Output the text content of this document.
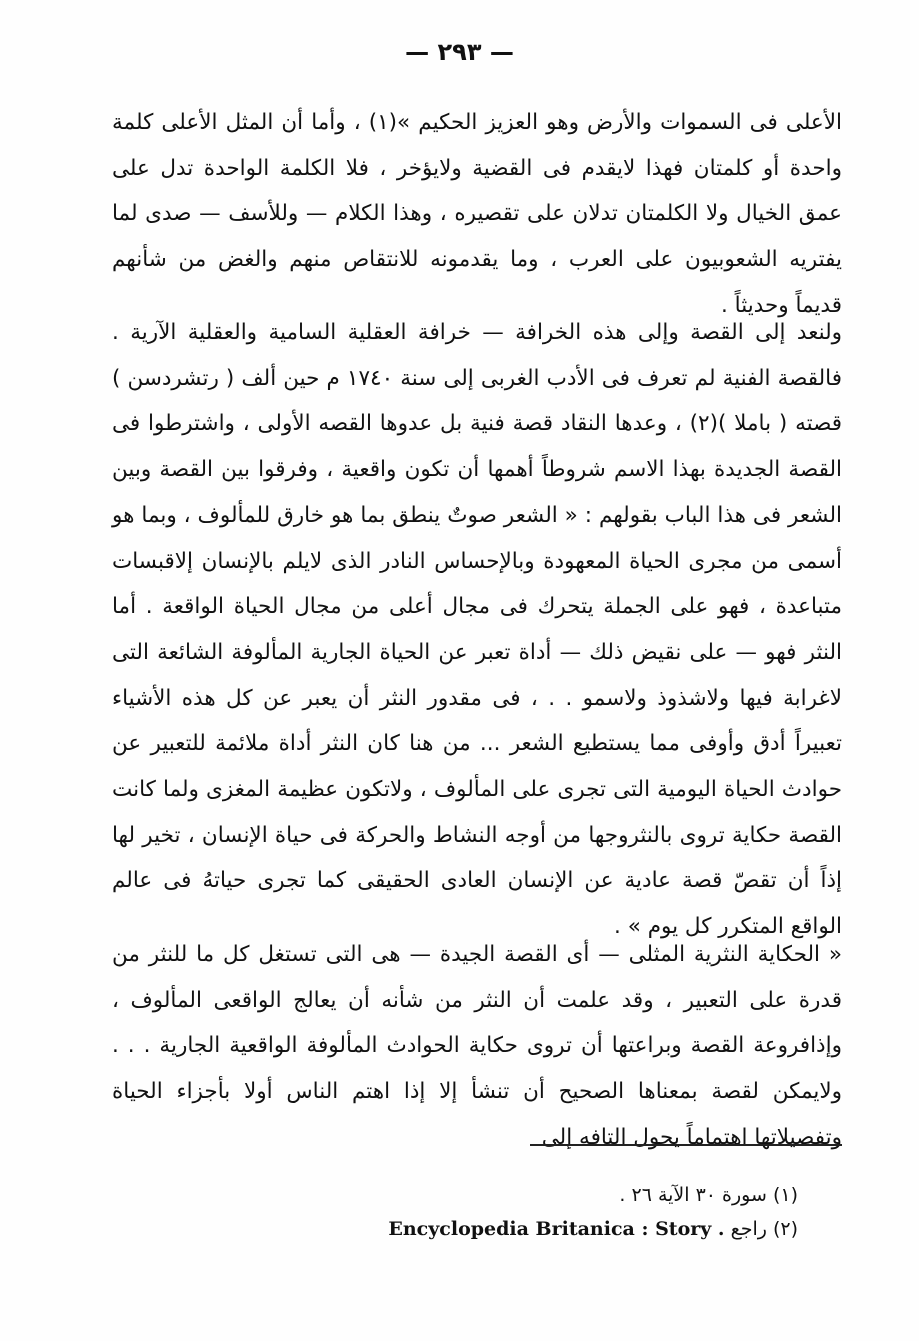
— ٢٩٣ —

الأعلى فى السموات والأرض وهو العزيز الحكيم »(١) ، وأما أن المثل الأعلى كلمة واحدة أو كلمتان فهذا لايقدم فى القضية ولايؤخر ، فلا الكلمة الواحدة تدل على عمق الخيال ولا الكلمتان تدلان على تقصيره ، وهذا الكلام — وللأسف — صدى لما يفتريه الشعوبيون على العرب ، وما يقدمونه للانتقاص منهم والغض من شأنهم قديماً وحديثاً .

ولنعد إلى القصة وإلى هذه الخرافة — خرافة العقلية السامية والعقلية الآرية . فالقصة الفنية لم تعرف فى الأدب الغربى إلى سنة ١٧٤٠ م حين ألف ( رتشردسن ) قصته ( باملا )(٢) ، وعدها النقاد قصة فنية بل عدوها القصه الأولى ، واشترطوا فى القصة الجديدة بهذا الاسم شروطاً أهمها أن تكون واقعية ، وفرقوا بين القصة وبين الشعر فى هذا الباب بقولهم : « الشعر صوتٌ ينطق بما هو خارق للمألوف ، وبما هو أسمى من مجرى الحياة المعهودة وبالإحساس النادر الذى لايلم بالإنسان إلاقبسات متباعدة ، فهو على الجملة يتحرك فى مجال أعلى من مجال الحياة الواقعة . أما النثر فهو — على نقيض ذلك — أداة تعبر عن الحياة الجارية المألوفة الشائعة التى لاغرابة فيها ولاشذوذ ولاسمو . . ، فى مقدور النثر أن يعبر عن كل هذه الأشياء تعبيراً أدق وأوفى مما يستطيع الشعر ... من هنا كان النثر أداة ملائمة للتعبير عن حوادث الحياة اليومية التى تجرى على المألوف ، ولاتكون عظيمة المغزى ولما كانت القصة حكاية تروى بالنثروجها من أوجه النشاط والحركة فى حياة الإنسان ، تخير لها إذاً أن تقصّ قصة عادية عن الإنسان العادى الحقيقى كما تجرى حياتهُ فى عالم الواقع المتكرر كل يوم » .

« الحكاية النثرية المثلى — أى القصة الجيدة — هى التى تستغل كل ما للنثر من قدرة على التعبير ، وقد علمت أن النثر من شأنه أن يعالج الواقعى المألوف ، وإذافروعة القصة وبراعتها أن تروى حكاية الحوادث المألوفة الواقعية الجارية . . . ولايمكن لقصة بمعناها الصحيح أن تنشأ إلا إذا اهتم الناس أولا بأجزاء الحياة وتفصيلاتها اهتماماً يحول التافه إلى

(١) سورة ٣٠ الآية ٢٦ .
(٢) راجع Encyclopedia Britanica : Story .
